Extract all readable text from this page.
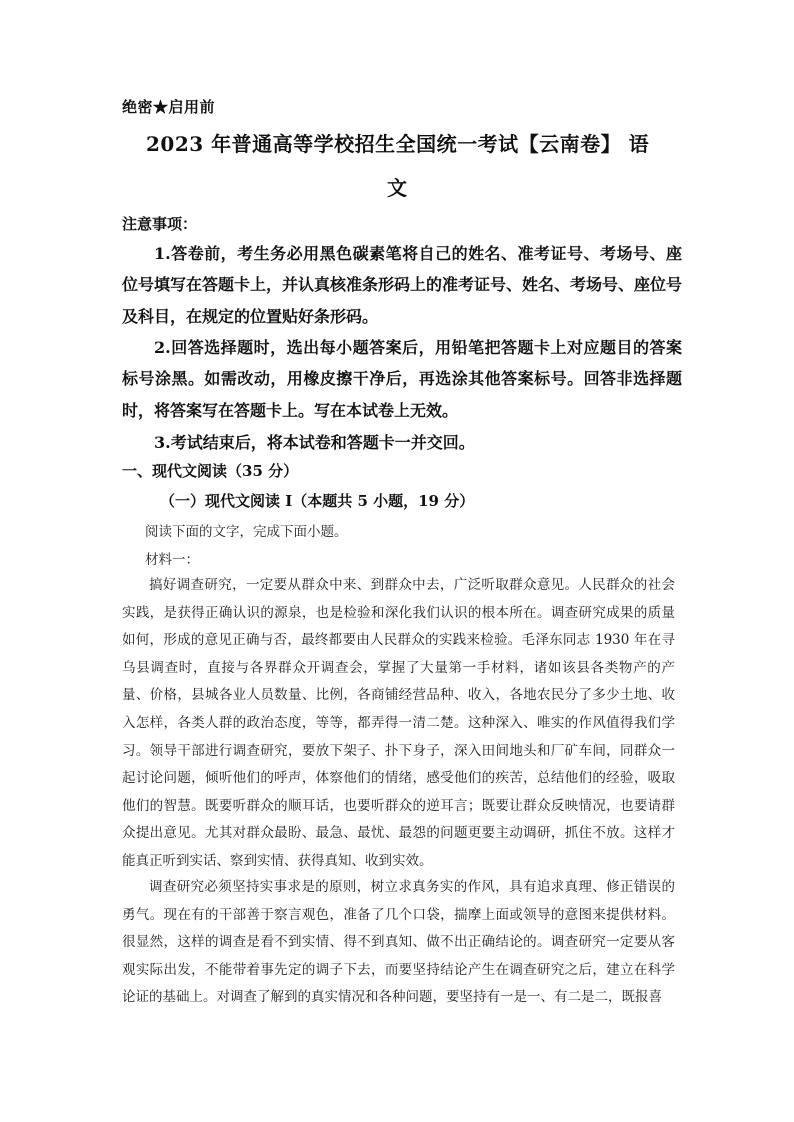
绝密★启用前
2023 年普通高等学校招生全国统一考试【云南卷】 语
文
注意事项：

1.答卷前，考生务必用黑色碳素笔将自己的姓名、准考证号、考场号、座位号填写在答题卡上，并认真核准条形码上的准考证号、姓名、考场号、座位号及科目，在规定的位置贴好条形码。

2.回答选择题时，选出每小题答案后，用铅笔把答题卡上对应题目的答案标号涂黑。如需改动，用橡皮擦干净后，再选涂其他答案标号。回答非选择题时，将答案写在答题卡上。写在本试卷上无效。

3.考试结束后，将本试卷和答题卡一并交回。

一、现代文阅读（35 分）
（一）现代文阅读 I（本题共 5 小题，19 分）
阅读下面的文字，完成下面小题。
材料一：

搞好调查研究，一定要从群众中来、到群众中去，广泛听取群众意见。人民群众的社会实践，是获得正确认识的源泉，也是检验和深化我们认识的根本所在。调查研究成果的质量如何，形成的意见正确与否，最终都要由人民群众的实践来检验。毛泽东同志 1930 年在寻乌县调查时，直接与各界群众开调查会，掌握了大量第一手材料，诸如该县各类物产的产量、价格，县城各业人员数量、比例，各商铺经营品种、收入，各地农民分了多少土地、收入怎样，各类人群的政治态度，等等，都弄得一清二楚。这种深入、唯实的作风值得我们学习。领导干部进行调查研究，要放下架子、扑下身子，深入田间地头和厂矿车间，同群众一起讨论问题，倾听他们的呼声，体察他们的情绪，感受他们的疾苦，总结他们的经验，吸取他们的智慧。既要听群众的顺耳话，也要听群众的逆耳言；既要让群众反映情况，也要请群众提出意见。尤其对群众最盼、最急、最忧、最怨的问题更要主动调研，抓住不放。这样才能真正听到实话、察到实情、获得真知、收到实效。

调查研究必须坚持实事求是的原则，树立求真务实的作风，具有追求真理、修正错误的勇气。现在有的干部善于察言观色，准备了几个口袋，揣摩上面或领导的意图来提供材料。很显然，这样的调查是看不到实情、得不到真知、做不出正确结论的。调查研究一定要从客观实际出发，不能带着事先定的调子下去，而要坚持结论产生在调查研究之后，建立在科学论证的基础上。对调查了解到的真实情况和各种问题，要坚持有一是一、有二是二，既报喜
